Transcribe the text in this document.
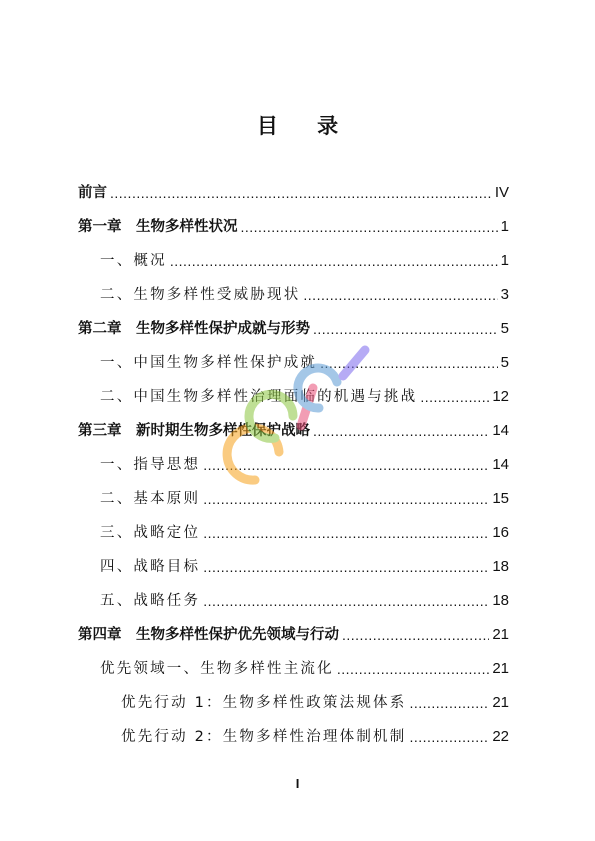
目 录
前言 .....	IV
第一章　生物多样性状况 .....	1
一、概况 .....	1
二、生物多样性受威胁现状 .....	3
第二章　生物多样性保护成就与形势 .....	5
一、中国生物多样性保护成就 .....	5
二、中国生物多样性治理面临的机遇与挑战 .....	12
第三章　新时期生物多样性保护战略 .....	14
一、指导思想 .....	14
二、基本原则 .....	15
三、战略定位 .....	16
四、战略目标 .....	18
五、战略任务 .....	18
第四章　生物多样性保护优先领域与行动 .....	21
优先领域一、生物多样性主流化 .....	21
优先行动 1：生物多样性政策法规体系 .....	21
优先行动 2：生物多样性治理体制机制 .....	22
I
